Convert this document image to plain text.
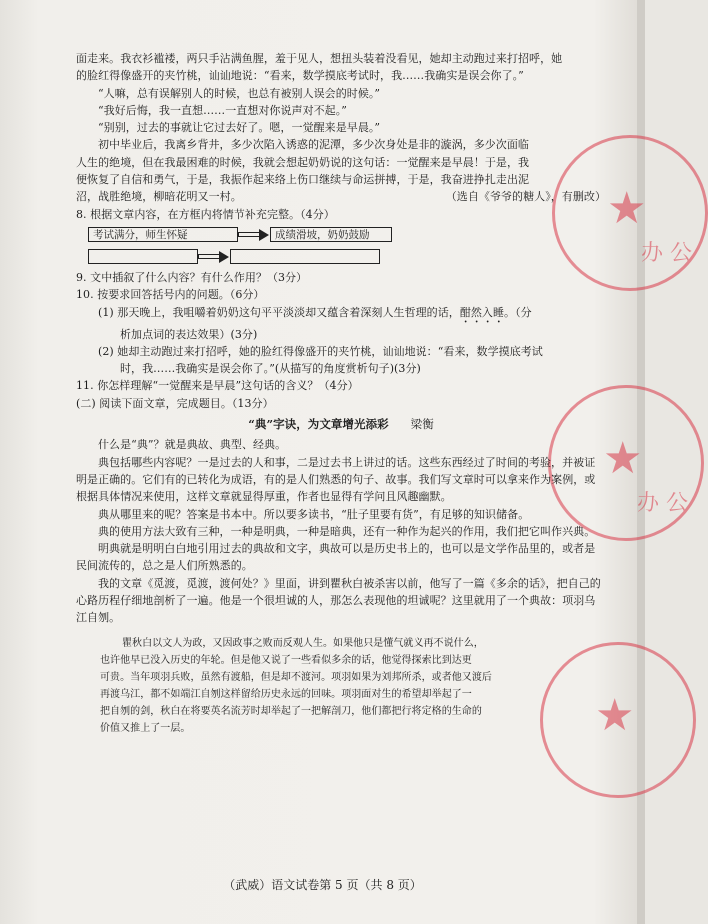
★
办 公
★
办 公
★

面走来。我衣衫褴褛，两只手沾满鱼腥，羞于见人，想扭头装着没看见，她却主动跑过来打招呼，她

的脸红得像盛开的夹竹桃，讪讪地说：“看来，数学摸底考试时，我……我确实是误会你了。”

“人嘛，总有误解别人的时候，也总有被别人误会的时候。”

“我好后悔，我一直想……一直想对你说声对不起。”

“别别，过去的事就让它过去好了。嗯，一觉醒来是早晨。”

初中毕业后，我离乡背井，多少次陷入诱惑的泥潭，多少次身处是非的漩涡，多少次面临

人生的绝境，但在我最困难的时候，我就会想起奶奶说的这句话：一觉醒来是早晨！于是，我

便恢复了自信和勇气，于是，我振作起来络上伤口继续与命运拼搏，于是，我奋进挣扎走出泥

沼，战胜绝境，柳暗花明又一村。	（选自《爷爷的糖人》，有删改）

8. 根据文章内容，在方框内将情节补充完整。（4分）

考试满分，师生怀疑	成绩滑坡，奶奶鼓励

9. 文中插叙了什么内容？有什么作用？（3分）

10. 按要求回答括号内的问题。（6分）

(1) 那天晚上，我咀嚼着奶奶这句平平淡淡却又蕴含着深刻人生哲理的话，酣然入睡。（分

析加点词的表达效果）(3分)

(2) 她却主动跑过来打招呼，她的脸红得像盛开的夹竹桃，讪讪地说：“看来，数学摸底考试

时，我……我确实是误会你了。”(从描写的角度赏析句子)(3分)

11. 你怎样理解“一觉醒来是早晨”这句话的含义？（4分）

(二) 阅读下面文章，完成题目。（13分）

“典”字诀，为文章增光添彩 梁衡

什么是“典”？就是典故、典型、经典。

典包括哪些内容呢？一是过去的人和事，二是过去书上讲过的话。这些东西经过了时间的考验，并被证明是正确的。它们有的已转化为成语，有的是人们熟悉的句子、故事。我们写文章时可以拿来作为案例，或根据具体情况来使用，这样文章就显得厚重，作者也显得有学问且风趣幽默。

典从哪里来的呢？答案是书本中。所以要多读书，“肚子里要有货”，有足够的知识储备。

典的使用方法大致有三种，一种是明典，一种是暗典，还有一种作为起兴的作用，我们把它叫作兴典。

明典就是明明白白地引用过去的典故和文字，典故可以是历史书上的，也可以是文学作品里的，或者是民间流传的，总之是人们所熟悉的。

我的文章《觅渡，觅渡，渡何处？》里面，讲到瞿秋白被杀害以前，他写了一篇《多余的话》，把自己的心路历程仔细地剖析了一遍。他是一个很坦诚的人，那怎么表现他的坦诚呢？这里就用了一个典故：项羽乌江自刎。

瞿秋白以文人为政，又因政事之败而反观人生。如果他只是懂气就义再不说什么，

也许他早已没入历史的年轮。但是他又说了一些看似多余的话，他觉得探索比到达更

可贵。当年项羽兵败，虽然有渡船，但是却不渡河。项羽如果为刘邦所杀，或者他又渡后

再渡乌江，都不如端江自刎这样留给历史永远的回味。项羽面对生的希望却举起了一

把自刎的剑，秋白在将要英名流芳时却举起了一把解剖刀，他们都把行将定格的生命的

价值又推上了一层。

（武威）语文试卷第 5 页（共 8 页）
